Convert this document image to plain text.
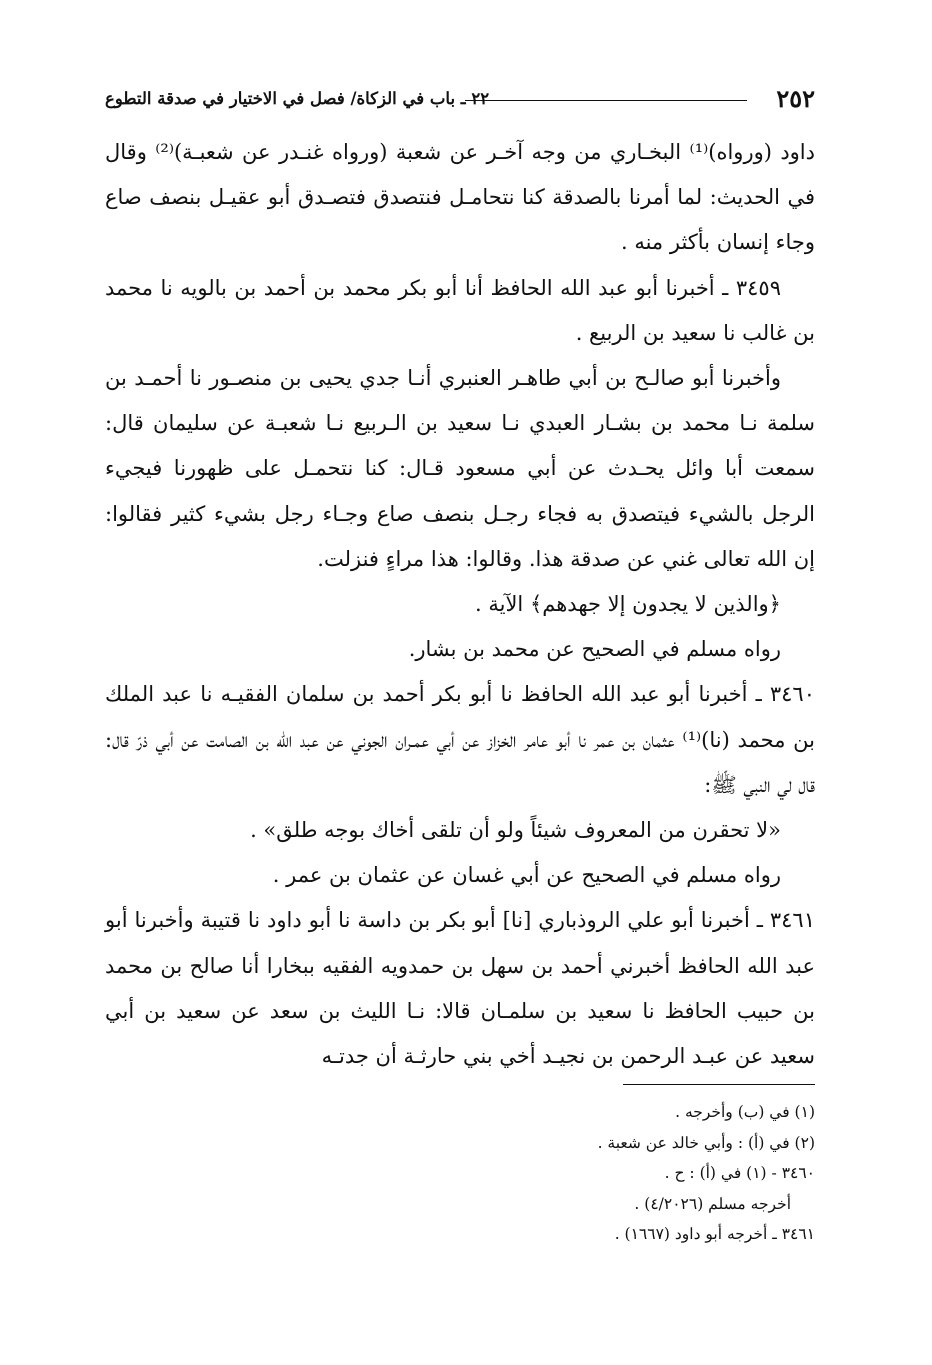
٢٥٢
٢٢ ـ باب في الزكاة/ فصل في الاختيار في صدقة التطوع

داود (ورواه)⁽¹⁾ البخـاري من وجه آخـر عن شعبة (ورواه غنـدر عن شعبـة)⁽²⁾ وقال في الحديث: لما أمرنا بالصدقة كنا نتحامـل فنتصدق فتصـدق أبو عقيـل بنصف صاع وجاء إنسان بأكثر منه .

٣٤٥٩ ـ أخبرنا أبو عبد الله الحافظ أنا أبو بكر محمد بن أحمد بن بالويه نا محمد بن غالب نا سعيد بن الربيع .

وأخبرنا أبو صالـح بن أبي طاهـر العنبري أنـا جدي يحيى بن منصـور نا أحمـد بن سلمة نـا محمد بن بشـار العبدي نـا سعيد بن الـربيع نـا شعبـة عن سليمان قال: سمعت أبا وائل يحـدث عن أبي مسعود قـال: كنا نتحمـل على ظهورنا فيجيء الرجل بالشيء فيتصدق به فجاء رجـل بنصف صاع وجـاء رجل بشيء كثير فقالوا: إن الله تعالى غني عن صدقة هذا. وقالوا: هذا مراءٍ فنزلت.

﴿والذين لا يجدون إلا جهدهم﴾ الآية .

رواه مسلم في الصحيح عن محمد بن بشار.

٣٤٦٠ ـ أخبرنا أبو عبد الله الحافظ نا أبو بكر أحمد بن سلمان الفقيـه نا عبد الملك بن محمد (نا)⁽¹⁾ عثمان بن عمر نا أبو عامر الخزاز عن أبي عمـران الجوني عن عبد الله بن الصامت عن أبي ذرّ قال: قال لي النبي ﷺ:

«لا تحقرن من المعروف شيئاً ولو أن تلقى أخاك بوجه طلق» .

رواه مسلم في الصحيح عن أبي غسان عن عثمان بن عمر .

٣٤٦١ ـ أخبرنا أبو علي الروذباري [نا] أبو بكر بن داسة نا أبو داود نا قتيبة وأخبرنا أبو عبد الله الحافظ أخبرني أحمد بن سهل بن حمدويه الفقيه ببخارا أنا صالح بن محمد بن حبيب الحافظ نا سعيد بن سلمـان قالا: نـا الليث بن سعد عن سعيد بن أبي سعيد عن عبـد الرحمن بن نجيـد أخي بني حارثـة أن جدتـه

(١) في (ب) وأخرجه .

(٢) في (أ) : وأبي خالد عن شعبة .

٣٤٦٠ - (١) في (أ) : ح .

أخرجه مسلم (٤/٢٠٢٦) .

٣٤٦١ ـ أخرجه أبو داود (١٦٦٧) .
